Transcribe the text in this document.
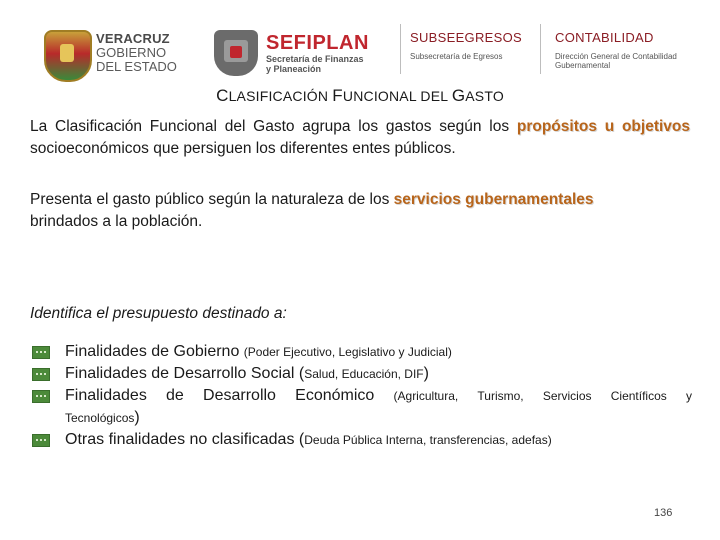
VERACRUZ
GOBIERNO
DEL ESTADO
SEFIPLAN
Secretaría de Finanzas
y Planeación
SUBSEEGRESOS
Subsecretaría de Egresos
CONTABILIDAD
Dirección General de Contabilidad
Gubernamental
CLASIFICACIÓN FUNCIONAL DEL GASTO
La Clasificación Funcional del Gasto agrupa los gastos según los propósitos u objetivos socioeconómicos que persiguen los diferentes entes públicos.
Presenta el gasto público según la naturaleza de los servicios gubernamentales
brindados a la población.
Identifica el presupuesto destinado a:
Finalidades de Gobierno (Poder Ejecutivo, Legislativo y Judicial)
Finalidades de Desarrollo Social (Salud, Educación, DIF)
Finalidades de Desarrollo Económico (Agricultura, Turismo, Servicios Científicos y
Tecnológicos)
Otras finalidades no clasificadas (Deuda Pública Interna, transferencias, adefas)
136
